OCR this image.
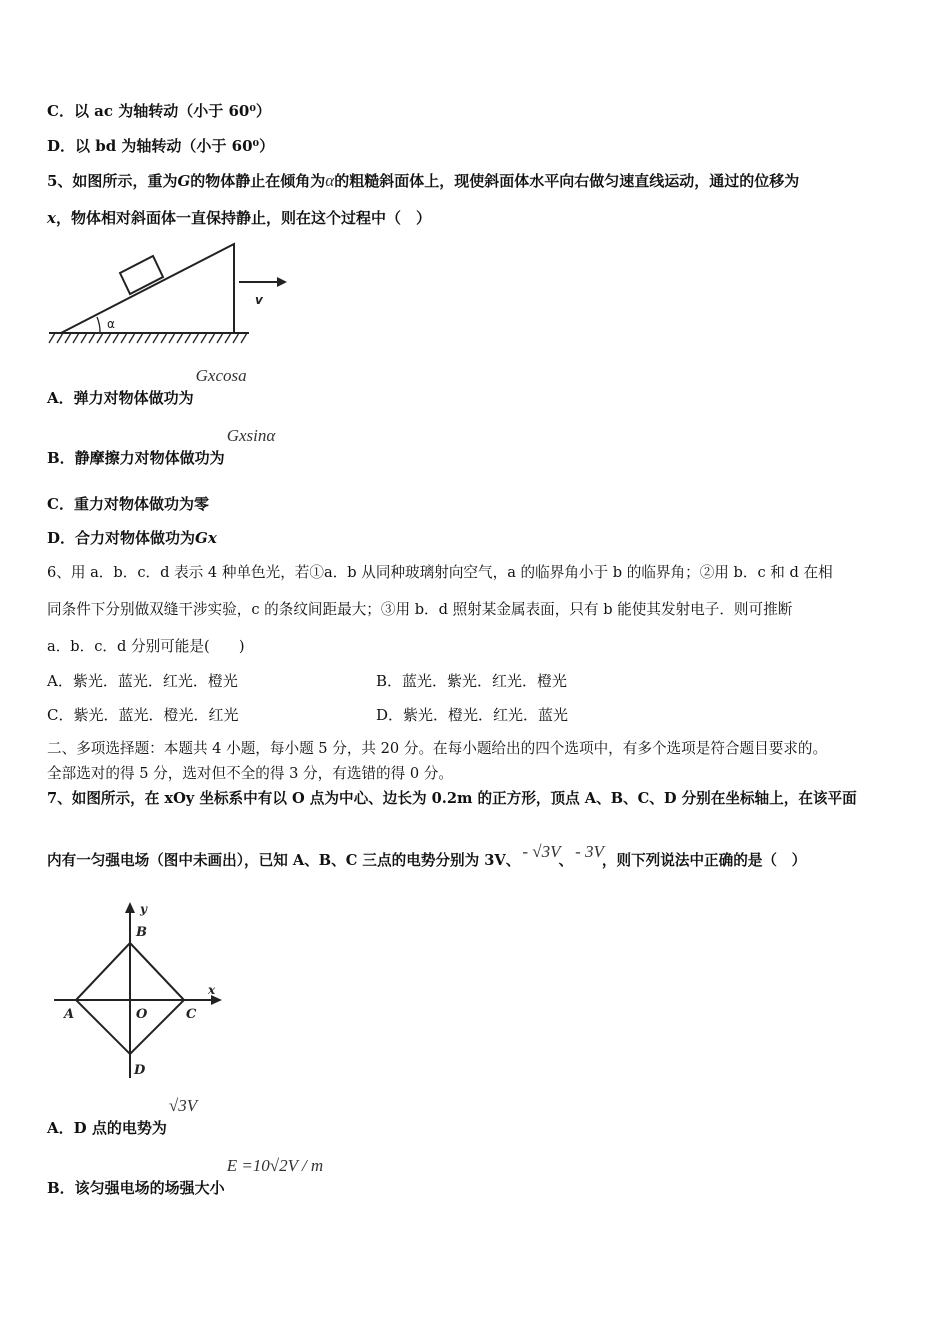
C．以 ac 为轴转动（小于 60⁰）
D．以 bd 为轴转动（小于 60⁰）
5、如图所示，重为G的物体静止在倾角为α的粗糙斜面体上，现使斜面体水平向右做匀速直线运动，通过的位移为
x，物体相对斜面体一直保持静止，则在这个过程中（　）
α
v
A．弹力对物体做功为Gxcosa
B．静摩擦力对物体做功为Gxsinα
C．重力对物体做功为零
D．合力对物体做功为Gx
6、用 a．b．c．d 表示 4 种单色光，若①a．b 从同种玻璃射向空气，a 的临界角小于 b 的临界角；②用 b．c 和 d 在相
同条件下分别做双缝干涉实验，c 的条纹间距最大；③用 b．d 照射某金属表面，只有 b 能使其发射电子．则可推断
a．b．c．d 分别可能是(　　)
A．紫光．蓝光．红光．橙光	B．蓝光．紫光．红光．橙光
C．紫光．蓝光．橙光．红光	D．紫光．橙光．红光．蓝光
二、多项选择题：本题共 4 小题，每小题 5 分，共 20 分。在每小题给出的四个选项中，有多个选项是符合题目要求的。
全部选对的得 5 分，选对但不全的得 3 分，有选错的得 0 分。
7、如图所示，在 xOy 坐标系中有以 O 点为中心、边长为 0.2m 的正方形，顶点 A、B、C、D 分别在坐标轴上，在该平面
内有一匀强电场（图中未画出），已知 A、B、C 三点的电势分别为 3V、 - √3V、 - 3V，则下列说法中正确的是（　）
y
x
B
A	O	C
D
A．D 点的电势为√3V
B．该匀强电场的场强大小E =10√2V / m
